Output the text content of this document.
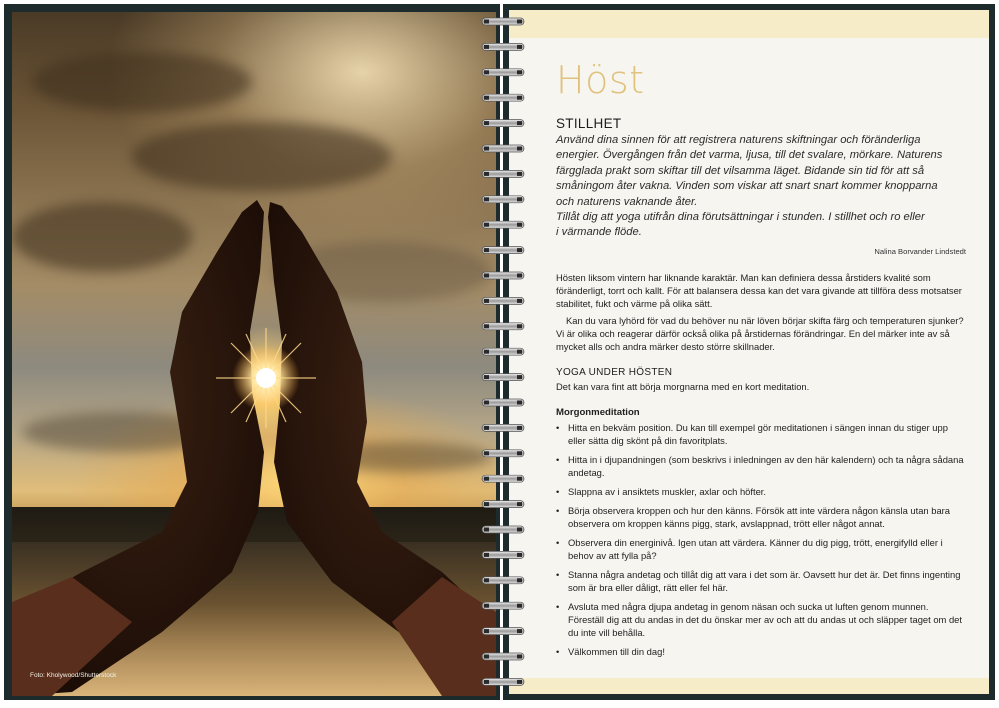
Foto: Kholywood/Shutterstock
Höst
STILLHET

Använd dina sinnen för att registrera naturens skiftningar och föränderliga

energier. Övergången från det varma, ljusa, till det svalare, mörkare. Naturens

färgglada prakt som skiftar till det vilsamma läget. Bidande sin tid för att så

småningom åter vakna. Vinden som viskar att snart snart kommer knopparna

och naturens vaknande åter.

Tillåt dig att yoga utifrån dina förutsättningar i stunden. I stillhet och ro eller

i värmande flöde.

Nalina Borvander Lindstedt

Hösten liksom vintern har liknande karaktär. Man kan definiera dessa årstiders kvalité som föränderligt, torrt och kallt. För att balansera dessa kan det vara givande att tillföra dess motsatser stabilitet, fukt och värme på olika sätt.

Kan du vara lyhörd för vad du behöver nu när löven börjar skifta färg och temperaturen sjunker? Vi är olika och reagerar därför också olika på årstidernas förändringar. En del märker inte av så mycket alls och andra märker desto större skillnader.

YOGA UNDER HÖSTEN

Det kan vara fint att börja morgnarna med en kort meditation.

Morgonmeditation
• Hitta en bekväm position. Du kan till exempel gör meditationen i sängen innan du stiger upp eller sätta dig skönt på din favoritplats.
• Hitta in i djupandningen (som beskrivs i inledningen av den här kalendern) och ta några sådana andetag.
• Slappna av i ansiktets muskler, axlar och höfter.
• Börja observera kroppen och hur den känns. Försök att inte värdera någon känsla utan bara observera om kroppen känns pigg, stark, avslappnad, trött eller något annat.
• Observera din energinivå. Igen utan att värdera. Känner du dig pigg, trött, energifylld eller i behov av att fylla på?
• Stanna några andetag och tillåt dig att vara i det som är. Oavsett hur det är. Det finns ingenting som är bra eller dåligt, rätt eller fel här.
• Avsluta med några djupa andetag in genom näsan och sucka ut luften genom munnen. Föreställ dig att du andas in det du önskar mer av och att du andas ut och släpper taget om det du inte vill behålla.
• Välkommen till din dag!
